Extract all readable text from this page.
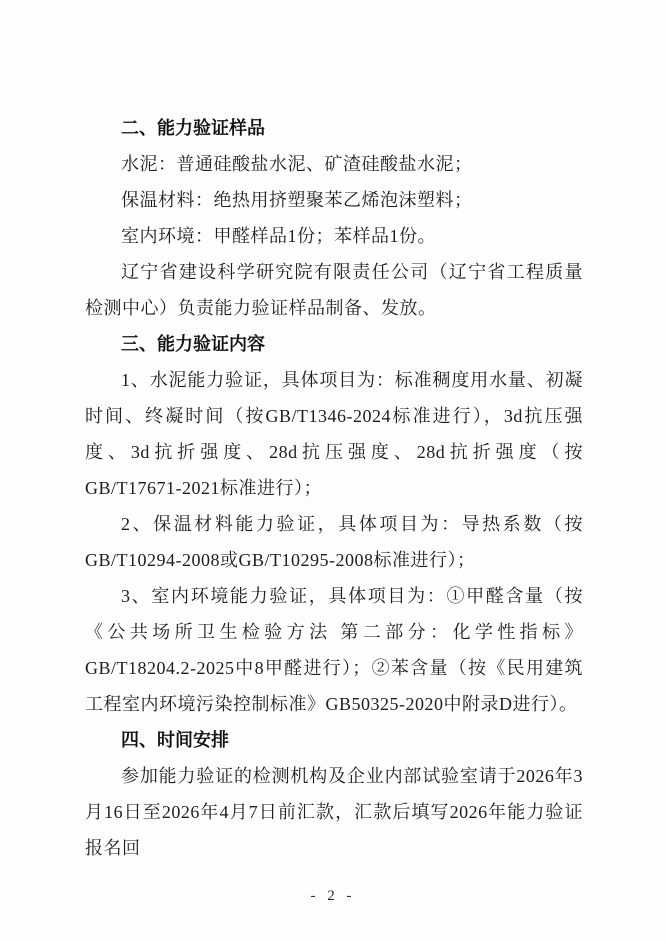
二、能力验证样品

水泥：普通硅酸盐水泥、矿渣硅酸盐水泥；

保温材料：绝热用挤塑聚苯乙烯泡沫塑料；

室内环境：甲醛样品1份；苯样品1份。

辽宁省建设科学研究院有限责任公司（辽宁省工程质量检测中心）负责能力验证样品制备、发放。

三、能力验证内容

1、水泥能力验证，具体项目为：标准稠度用水量、初凝时间、终凝时间（按GB/T1346-2024标准进行），3d抗压强度、3d抗折强度、28d抗压强度、28d抗折强度（按GB/T17671-2021标准进行）；

2、保温材料能力验证，具体项目为：导热系数（按GB/T10294-2008或GB/T10295-2008标准进行）；

3、室内环境能力验证，具体项目为：①甲醛含量（按《公共场所卫生检验方法 第二部分：化学性指标》GB/T18204.2-2025中8甲醛进行）；②苯含量（按《民用建筑工程室内环境污染控制标准》GB50325-2020中附录D进行）。

四、时间安排

参加能力验证的检测机构及企业内部试验室请于2026年3月16日至2026年4月7日前汇款，汇款后填写2026年能力验证报名回

- 2 -
